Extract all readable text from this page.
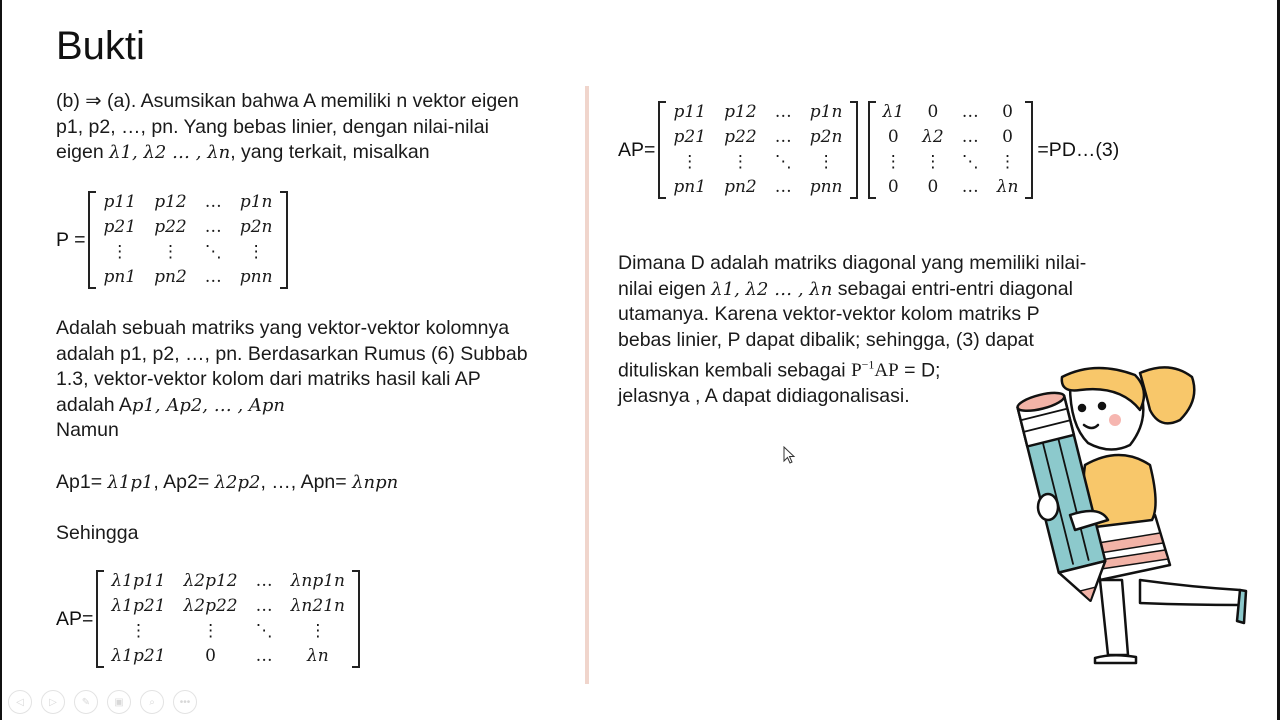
Bukti
(b) ⇒ (a). Asumsikan bahwa A memiliki n vektor eigen
p1, p2, …, pn. Yang bebas linier, dengan nilai-nilai
eigen λ1, λ2 … , λn, yang terkait, misalkan
P =
p11	p12	…	p1n
p21	p22	…	p2n
⋮	⋮	⋱	⋮
pn1	pn2	…	pnn
Adalah sebuah matriks yang vektor-vektor kolomnya
adalah p1, p2, …, pn. Berdasarkan Rumus (6) Subbab
1.3, vektor-vektor kolom dari matriks hasil kali AP
adalah Ap1, Ap2, … , Apn
Namun
Ap1= λ1p1, Ap2= λ2p2, …, Apn= λnpn
Sehingga
AP=
λ1p11	λ2p12	…	λnp1n
λ1p21	λ2p22	…	λn21n
⋮	⋮	⋱	⋮
λ1p21	0	…	λn
AP=
p11	p12	…	p1n
p21	p22	…	p2n
⋮	⋮	⋱	⋮
pn1	pn2	…	pnn
λ1	0	…	0
0	λ2	…	0
⋮	⋮	⋱	⋮
0	0	…	λn
=PD…(3)
Dimana D adalah matriks diagonal yang memiliki nilai-
nilai eigen λ1, λ2 … , λn sebagai entri-entri diagonal
utamanya. Karena vektor-vektor kolom matriks P
bebas linier, P dapat dibalik; sehingga, (3) dapat
dituliskan kembali sebagai $P^{-1}AP = D$;
jelasnya , A dapat didiagonalisasi.
◁	▷ ✎ ▣	⌕ •••
